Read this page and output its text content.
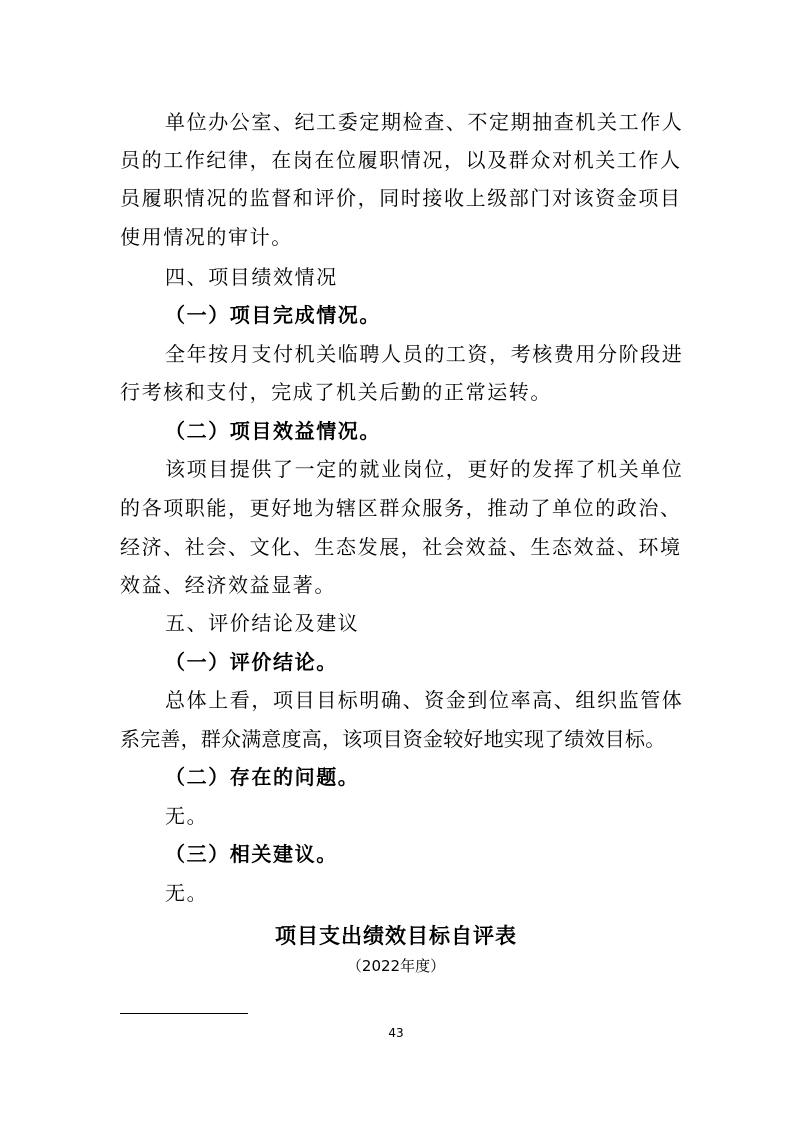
单位办公室、纪工委定期检查、不定期抽查机关工作人
员的工作纪律，在岗在位履职情况，以及群众对机关工作人
员履职情况的监督和评价，同时接收上级部门对该资金项目
使用情况的审计。
四、项目绩效情况
（一）项目完成情况。
全年按月支付机关临聘人员的工资，考核费用分阶段进
行考核和支付，完成了机关后勤的正常运转。
（二）项目效益情况。
该项目提供了一定的就业岗位，更好的发挥了机关单位
的各项职能，更好地为辖区群众服务，推动了单位的政治、
经济、社会、文化、生态发展，社会效益、生态效益、环境
效益、经济效益显著。
五、评价结论及建议
（一）评价结论。
总体上看，项目目标明确、资金到位率高、组织监管体
系完善，群众满意度高，该项目资金较好地实现了绩效目标。
（二）存在的问题。
无。
（三）相关建议。
无。
项目支出绩效目标自评表
（2022年度）
43
